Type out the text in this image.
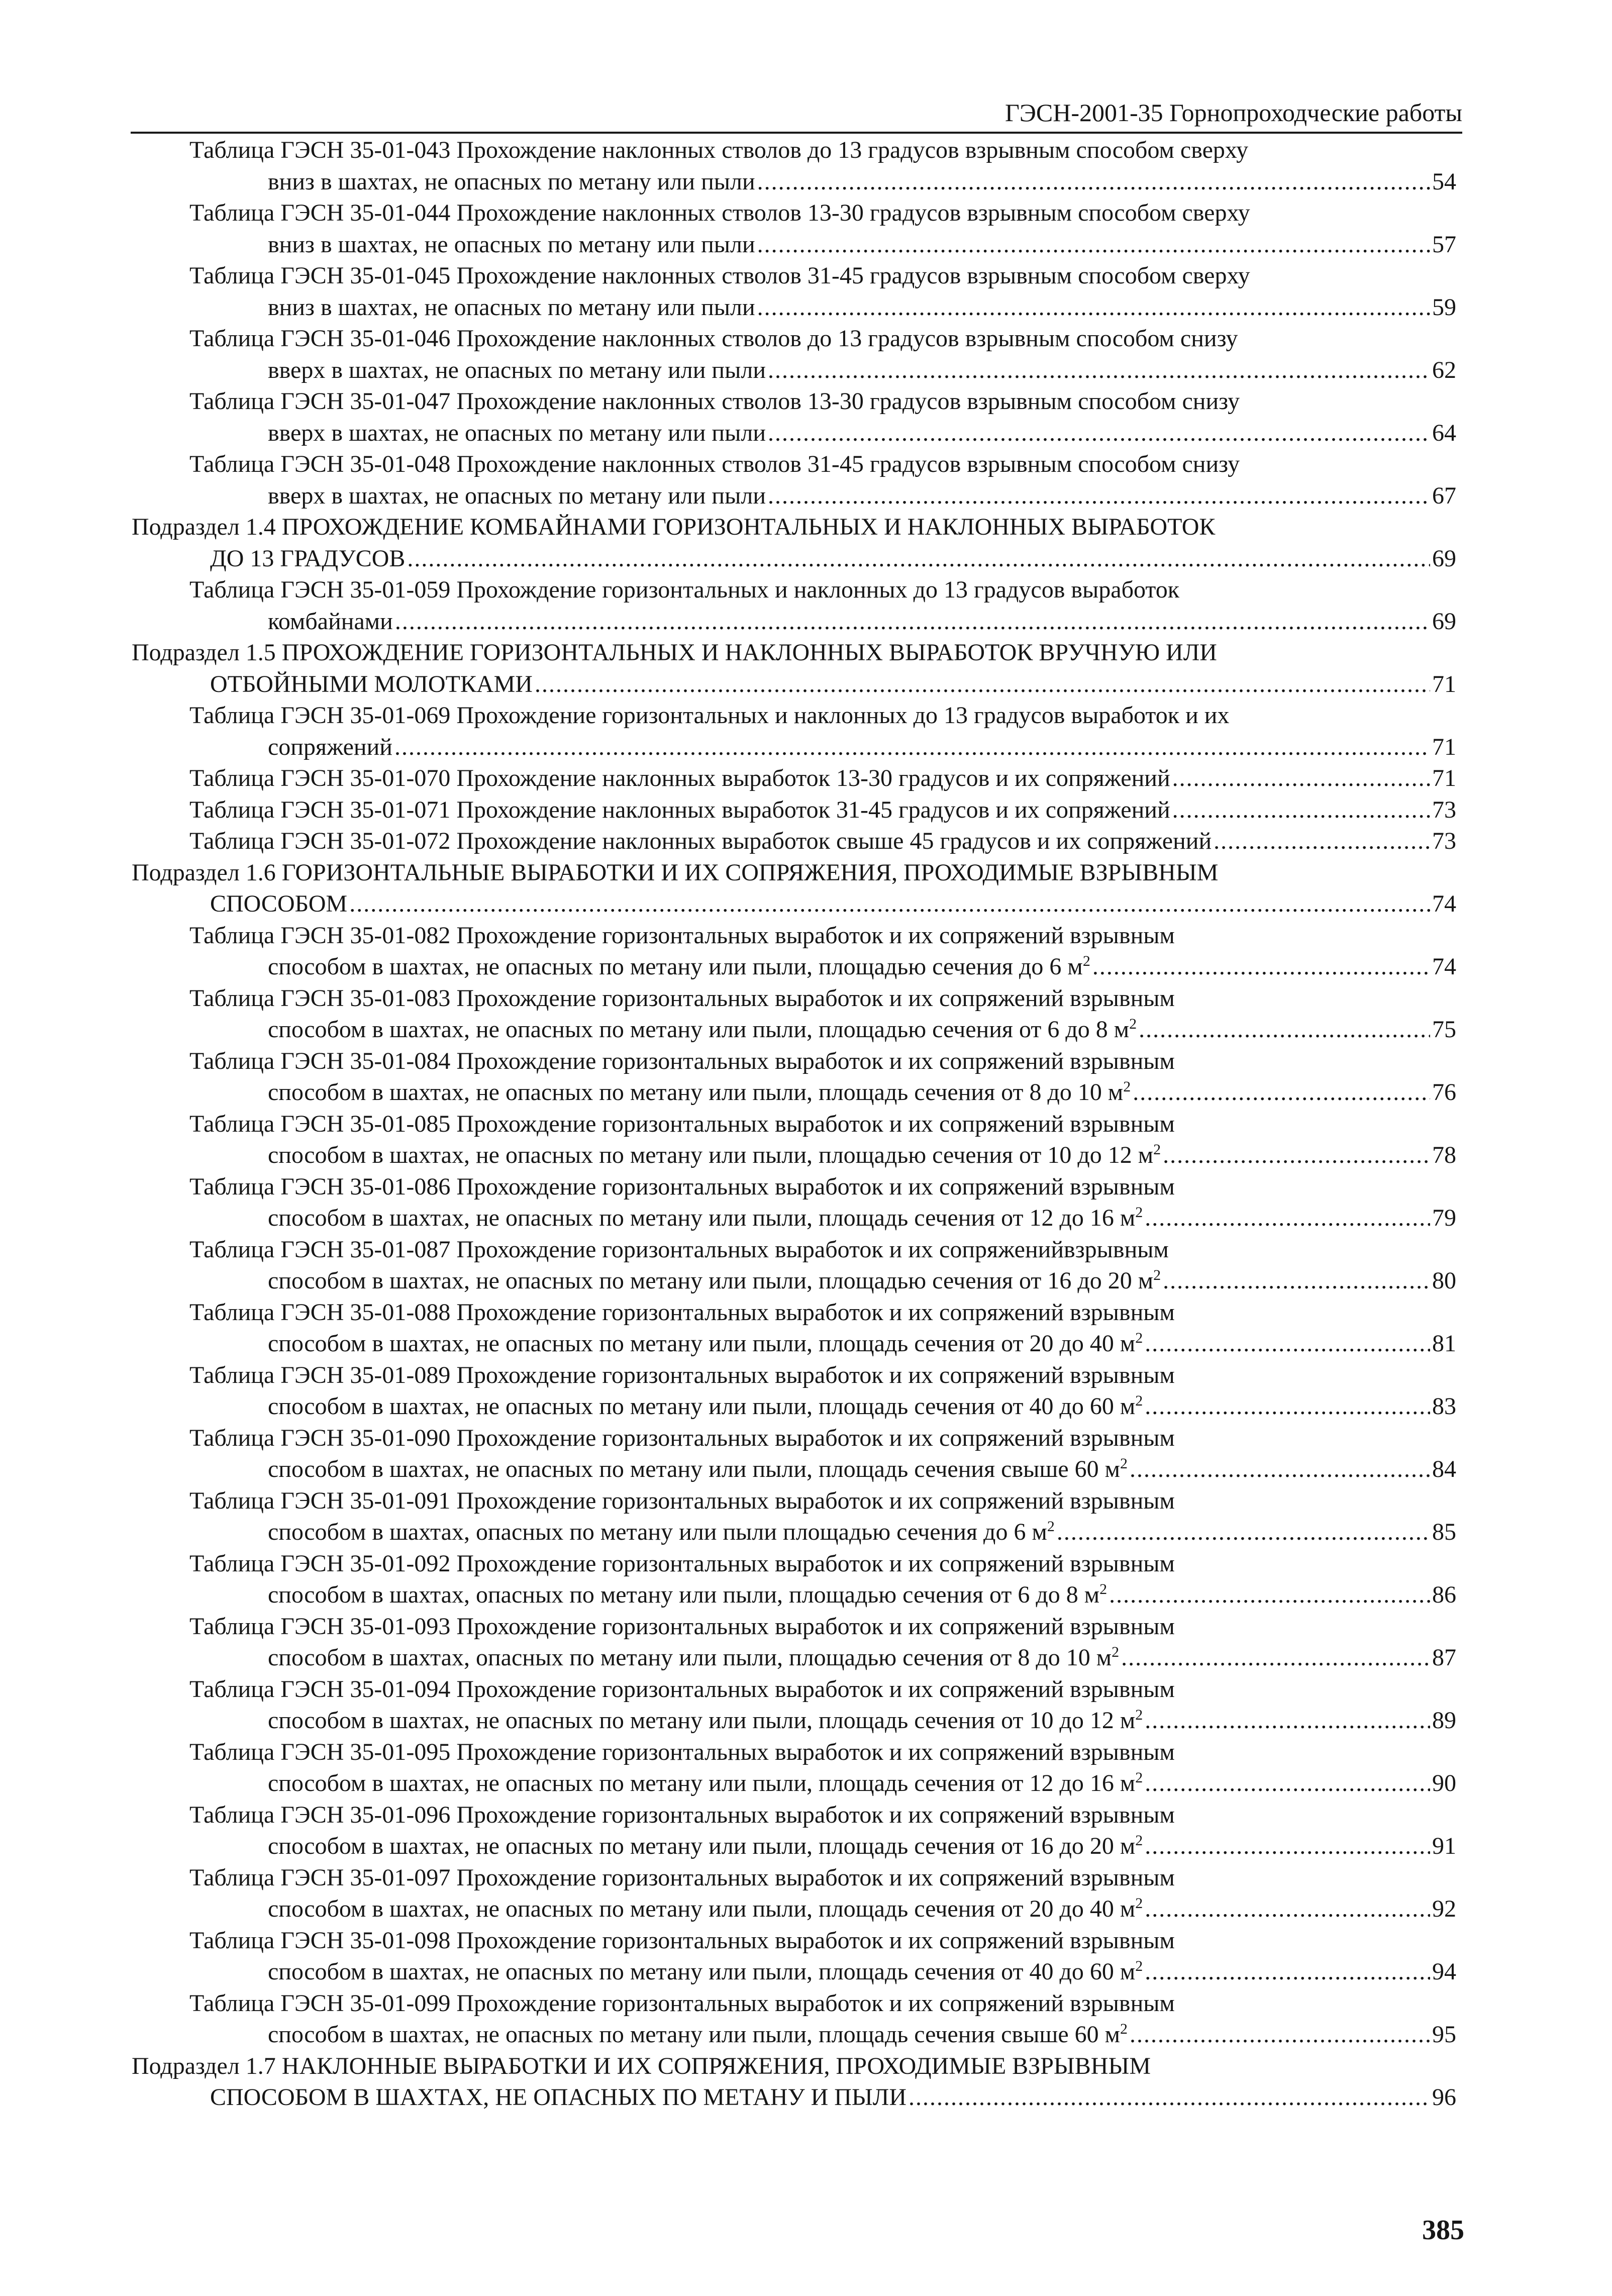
ГЭСН-2001-35 Горнопроходческие работы
Таблица ГЭСН 35-01-043 Прохождение наклонных стволов до 13 градусов взрывным способом сверху
вниз в шахтах, не опасных по метану или пыли .....	54
Таблица ГЭСН 35-01-044 Прохождение наклонных стволов 13-30 градусов взрывным способом сверху
вниз в шахтах, не опасных по метану или пыли .....	57
Таблица ГЭСН 35-01-045 Прохождение наклонных стволов 31-45 градусов взрывным способом сверху
вниз в шахтах, не опасных по метану или пыли .....	59
Таблица ГЭСН 35-01-046 Прохождение наклонных стволов до 13 градусов взрывным способом снизу
вверх в шахтах, не опасных по метану или пыли .....	62
Таблица ГЭСН 35-01-047 Прохождение наклонных стволов 13-30 градусов взрывным способом снизу
вверх в шахтах, не опасных по метану или пыли .....	64
Таблица ГЭСН 35-01-048 Прохождение наклонных стволов 31-45 градусов взрывным способом снизу
вверх в шахтах, не опасных по метану или пыли .....	67
Подраздел 1.4 ПРОХОЖДЕНИЕ КОМБАЙНАМИ ГОРИЗОНТАЛЬНЫХ И НАКЛОННЫХ ВЫРАБОТОК
ДО 13 ГРАДУСОВ .....	69
Таблица ГЭСН 35-01-059 Прохождение горизонтальных и наклонных до 13 градусов выработок
комбайнами .....	69
Подраздел 1.5 ПРОХОЖДЕНИЕ ГОРИЗОНТАЛЬНЫХ И НАКЛОННЫХ ВЫРАБОТОК ВРУЧНУЮ ИЛИ
ОТБОЙНЫМИ МОЛОТКАМИ .....	71
Таблица ГЭСН 35-01-069 Прохождение горизонтальных и наклонных до 13 градусов выработок и их
сопряжений .....	71
Таблица ГЭСН 35-01-070 Прохождение наклонных выработок 13-30 градусов и их сопряжений .....	71
Таблица ГЭСН 35-01-071 Прохождение наклонных выработок 31-45 градусов и их сопряжений .....	73
Таблица ГЭСН 35-01-072 Прохождение наклонных выработок свыше 45 градусов и их сопряжений .....	73
Подраздел 1.6 ГОРИЗОНТАЛЬНЫЕ ВЫРАБОТКИ И ИХ СОПРЯЖЕНИЯ, ПРОХОДИМЫЕ ВЗРЫВНЫМ
СПОСОБОМ .....	74
Таблица ГЭСН 35-01-082 Прохождение горизонтальных выработок и их сопряжений взрывным
способом в шахтах, не опасных по метану или пыли, площадью сечения до 6 $м^2$ .....	74
Таблица ГЭСН 35-01-083 Прохождение горизонтальных выработок и их сопряжений взрывным
способом в шахтах, не опасных по метану или пыли, площадью сечения от 6 до 8 $м^2$ .....	75
Таблица ГЭСН 35-01-084 Прохождение горизонтальных выработок и их сопряжений взрывным
способом в шахтах, не опасных по метану или пыли, площадь сечения от 8 до 10 $м^2$ .....	76
Таблица ГЭСН 35-01-085 Прохождение горизонтальных выработок и их сопряжений взрывным
способом в шахтах, не опасных по метану или пыли, площадью сечения от 10 до 12 $м^2$ .....	78
Таблица ГЭСН 35-01-086 Прохождение горизонтальных выработок и их сопряжений взрывным
способом в шахтах, не опасных по метану или пыли, площадь сечения от 12 до 16 $м^2$ .....	79
Таблица ГЭСН 35-01-087 Прохождение горизонтальных выработок и их сопряженийвзрывным
способом в шахтах, не опасных по метану или пыли, площадью сечения от 16 до 20 $м^2$ .....	80
Таблица ГЭСН 35-01-088 Прохождение горизонтальных выработок и их сопряжений взрывным
способом в шахтах, не опасных по метану или пыли, площадь сечения от 20 до 40 $м^2$ .....	81
Таблица ГЭСН 35-01-089 Прохождение горизонтальных выработок и их сопряжений взрывным
способом в шахтах, не опасных по метану или пыли, площадь сечения от 40 до 60 $м^2$ .....	83
Таблица ГЭСН 35-01-090 Прохождение горизонтальных выработок и их сопряжений взрывным
способом в шахтах, не опасных по метану или пыли, площадь сечения свыше 60 $м^2$ .....	84
Таблица ГЭСН 35-01-091 Прохождение горизонтальных выработок и их сопряжений взрывным
способом в шахтах, опасных по метану или пыли площадью сечения до 6 $м^2$ .....	85
Таблица ГЭСН 35-01-092 Прохождение горизонтальных выработок и их сопряжений взрывным
способом в шахтах, опасных по метану или пыли, площадью сечения от 6 до 8 $м^2$ .....	86
Таблица ГЭСН 35-01-093 Прохождение горизонтальных выработок и их сопряжений взрывным
способом в шахтах, опасных по метану или пыли, площадью сечения от 8 до 10 $м^2$ .....	87
Таблица ГЭСН 35-01-094 Прохождение горизонтальных выработок и их сопряжений взрывным
способом в шахтах, не опасных по метану или пыли, площадь сечения от 10 до 12 $м^2$ .....	89
Таблица ГЭСН 35-01-095 Прохождение горизонтальных выработок и их сопряжений взрывным
способом в шахтах, не опасных по метану или пыли, площадь сечения от 12 до 16 $м^2$ .....	90
Таблица ГЭСН 35-01-096 Прохождение горизонтальных выработок и их сопряжений взрывным
способом в шахтах, не опасных по метану или пыли, площадь сечения от 16 до 20 $м^2$ .....	91
Таблица ГЭСН 35-01-097 Прохождение горизонтальных выработок и их сопряжений взрывным
способом в шахтах, не опасных по метану или пыли, площадь сечения от 20 до 40 $м^2$ .....	92
Таблица ГЭСН 35-01-098 Прохождение горизонтальных выработок и их сопряжений взрывным
способом в шахтах, не опасных по метану или пыли, площадь сечения от 40 до 60 $м^2$ .....	94
Таблица ГЭСН 35-01-099 Прохождение горизонтальных выработок и их сопряжений взрывным
способом в шахтах, не опасных по метану или пыли, площадь сечения свыше 60 $м^2$ .....	95
Подраздел 1.7 НАКЛОННЫЕ ВЫРАБОТКИ И ИХ СОПРЯЖЕНИЯ, ПРОХОДИМЫЕ ВЗРЫВНЫМ
СПОСОБОМ В ШАХТАХ, НЕ ОПАСНЫХ ПО МЕТАНУ И ПЫЛИ .....	96
385
